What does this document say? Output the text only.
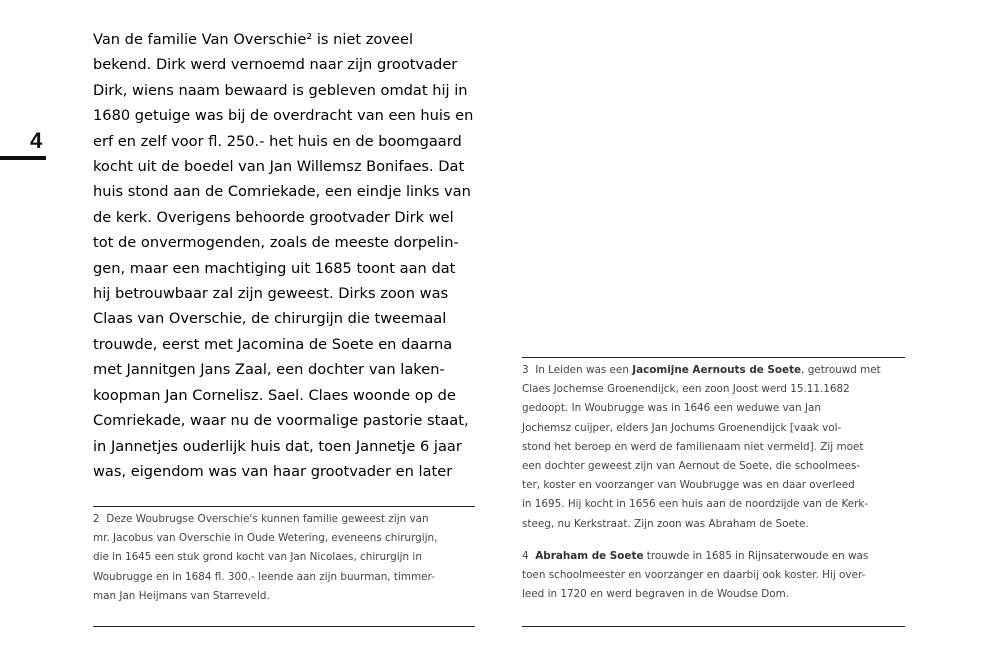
4

Van de familie Van Overschie² is niet zoveel
bekend. Dirk werd vernoemd naar zijn grootvader
Dirk, wiens naam bewaard is gebleven omdat hij in
1680 getuige was bij de overdracht van een huis en
erf en zelf voor fl. 250.- het huis en de boomgaard
kocht uit de boedel van Jan Willemsz Bonifaes. Dat
huis stond aan de Comriekade, een eindje links van
de kerk. Overigens behoorde grootvader Dirk wel
tot de onvermogenden, zoals de meeste dorpelin-
gen, maar een machtiging uit 1685 toont aan dat
hij betrouwbaar zal zijn geweest. Dirks zoon was
Claas van Overschie, de chirurgijn die tweemaal
trouwde, eerst met Jacomina de Soete en daarna
met Jannitgen Jans Zaal, een dochter van laken-
koopman Jan Cornelisz. Sael. Claes woonde op de
Comriekade, waar nu de voormalige pastorie staat,
in Jannetjes ouderlijk huis dat, toen Jannetje 6 jaar
was, eigendom was van haar grootvader en later

2 Deze Woubrugse Overschie's kunnen familie geweest zijn van
mr. Jacobus van Overschie in Oude Wetering, eveneens chirurgijn,
die in 1645 een stuk grond kocht van Jan Nicolaes, chirurgijn in
Woubrugge en in 1684 fl. 300.- leende aan zijn buurman, timmer-
man Jan Heijmans van Starreveld.

3 In Leiden was een Jacomijne Aernouts de Soete, getrouwd met
Claes Jochemse Groenendijck, een zoon Joost werd 15.11.1682
gedoopt. In Woubrugge was in 1646 een weduwe van Jan
Jochemsz cuijper, elders Jan Jochums Groenendijck [vaak vol-
stond het beroep en werd de familienaam niet vermeld]. Zij moet
een dochter geweest zijn van Aernout de Soete, die schoolmees-
ter, koster en voorzanger van Woubrugge was en daar overleed
in 1695. Hij kocht in 1656 een huis aan de noordzijde van de Kerk-
steeg, nu Kerkstraat. Zijn zoon was Abraham de Soete.

4 Abraham de Soete trouwde in 1685 in Rijnsaterwoude en was
toen schoolmeester en voorzanger en daarbij ook koster. Hij over-
leed in 1720 en werd begraven in de Woudse Dom.
